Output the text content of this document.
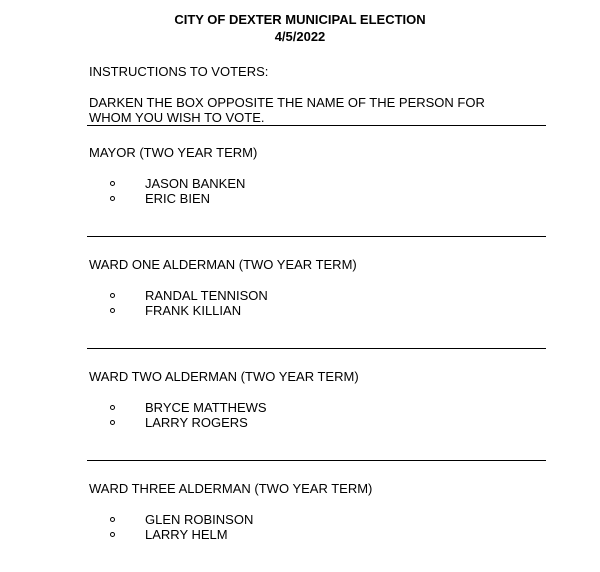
CITY OF DEXTER MUNICIPAL ELECTION
4/5/2022
INSTRUCTIONS TO VOTERS:
DARKEN THE BOX OPPOSITE THE NAME OF THE PERSON FOR
WHOM YOU WISH TO VOTE.
MAYOR (TWO YEAR TERM)
JASON BANKEN
ERIC BIEN
WARD ONE ALDERMAN (TWO YEAR TERM)
RANDAL TENNISON
FRANK KILLIAN
WARD TWO ALDERMAN (TWO YEAR TERM)
BRYCE MATTHEWS
LARRY ROGERS
WARD THREE ALDERMAN (TWO YEAR TERM)
GLEN ROBINSON
LARRY HELM
